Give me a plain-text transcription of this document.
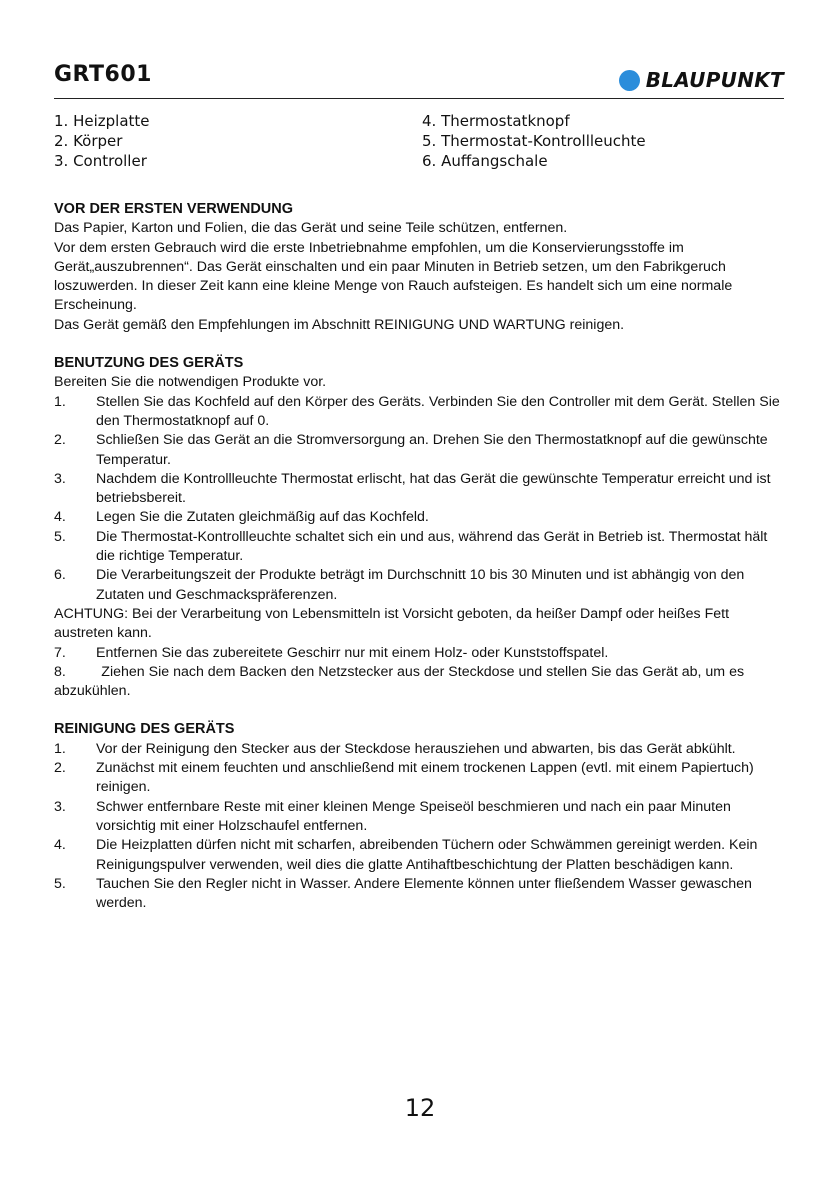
GRT601	BLAUPUNKT
1. Heizplatte
2. Körper
3. Controller
4. Thermostatknopf
5. Thermostat-Kontrollleuchte
6. Auffangschale
VOR DER ERSTEN VERWENDUNG

Das Papier, Karton und Folien, die das Gerät und seine Teile schützen, entfernen.

Vor dem ersten Gebrauch wird die erste Inbetriebnahme empfohlen, um die Konservierungsstoffe im Gerät„auszubrennen“. Das Gerät einschalten und ein paar Minuten in Betrieb setzen, um den Fabrikgeruch loszuwerden. In dieser Zeit kann eine kleine Menge von Rauch aufsteigen. Es handelt sich um eine normale Erscheinung.

Das Gerät gemäß den Empfehlungen im Abschnitt REINIGUNG UND WARTUNG reinigen.

BENUTZUNG DES GERÄTS

Bereiten Sie die notwendigen Produkte vor.

1. Stellen Sie das Kochfeld auf den Körper des Geräts. Verbinden Sie den Controller mit dem Gerät. Stellen Sie den Thermostatknopf auf 0.
2. Schließen Sie das Gerät an die Stromversorgung an. Drehen Sie den Thermostatknopf auf die gewünschte Temperatur.
3. Nachdem die Kontrollleuchte Thermostat erlischt, hat das Gerät die gewünschte Temperatur erreicht und ist betriebsbereit.
4. Legen Sie die Zutaten gleichmäßig auf das Kochfeld.
5. Die Thermostat-Kontrollleuchte schaltet sich ein und aus, während das Gerät in Betrieb ist. Thermostat hält die richtige Temperatur.
6. Die Verarbeitungszeit der Produkte beträgt im Durchschnitt 10 bis 30 Minuten und ist abhängig von den Zutaten und Geschmackspräferenzen.

ACHTUNG: Bei der Verarbeitung von Lebensmitteln ist Vorsicht geboten, da heißer Dampf oder heißes Fett austreten kann.

7. Entfernen Sie das zubereitete Geschirr nur mit einem Holz- oder Kunststoffspatel.

8.         Ziehen Sie nach dem Backen den Netzstecker aus der Steckdose und stellen Sie das Gerät ab, um es abzukühlen.

REINIGUNG DES GERÄTS
1. Vor der Reinigung den Stecker aus der Steckdose herausziehen und abwarten, bis das Gerät abkühlt.
2. Zunächst mit einem feuchten und anschließend mit einem trockenen Lappen (evtl. mit einem Papiertuch) reinigen.
3. Schwer entfernbare Reste mit einer kleinen Menge Speiseöl beschmieren und nach ein paar Minuten vorsichtig mit einer Holzschaufel entfernen.
4. Die Heizplatten dürfen nicht mit scharfen, abreibenden Tüchern oder Schwämmen gereinigt werden. Kein Reinigungspulver verwenden, weil dies die glatte Antihaftbeschichtung der Platten beschädigen kann.
5. Tauchen Sie den Regler nicht in Wasser. Andere Elemente können unter fließendem Wasser gewaschen werden.
12
